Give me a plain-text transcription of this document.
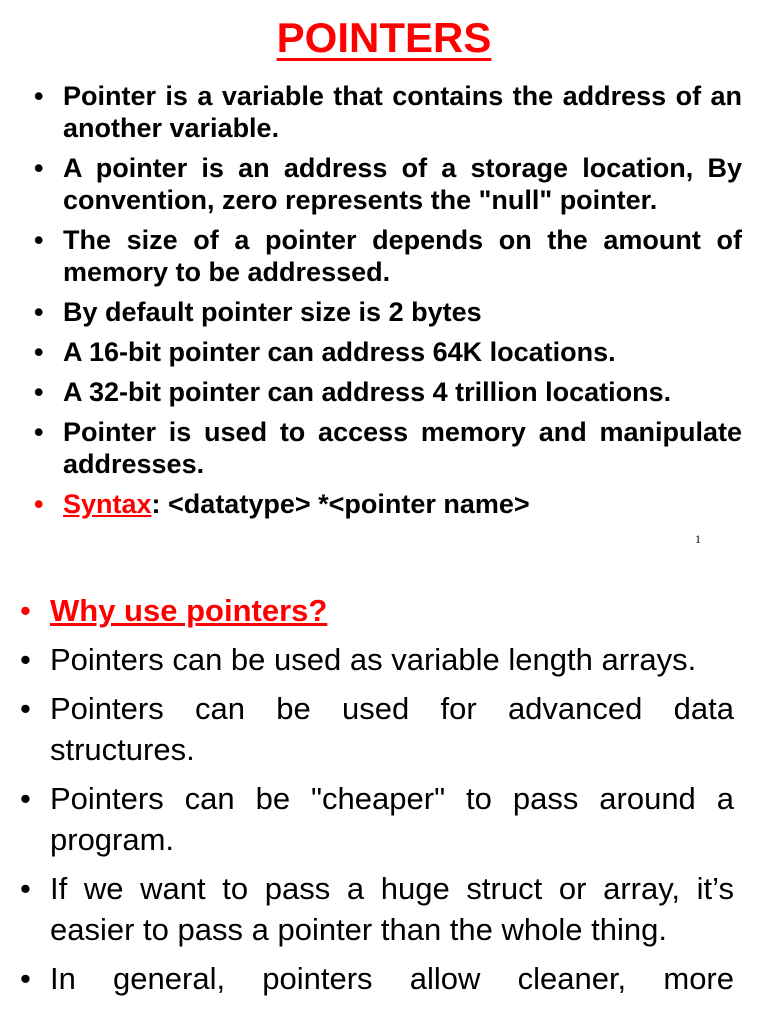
POINTERS
• Pointer is a variable that contains the address of an another variable.
• A pointer is an address of a storage location, By convention, zero represents the "null" pointer.
• The size of a pointer depends on the amount of memory to be addressed.
• By default pointer size is 2 bytes
• A 16-bit pointer can address 64K locations.
• A 32-bit pointer can address 4 trillion locations.
• Pointer is used to access memory and manipulate addresses.
• Syntax: <datatype> *<pointer name>
1
• Why use pointers?
• Pointers can be used as variable length arrays.
• Pointers can be used for advanced data structures.
• Pointers can be "cheaper" to pass around a program.
• If we want to pass a huge struct or array, it’s easier to pass a pointer than the whole thing.
• In general, pointers allow cleaner, more
